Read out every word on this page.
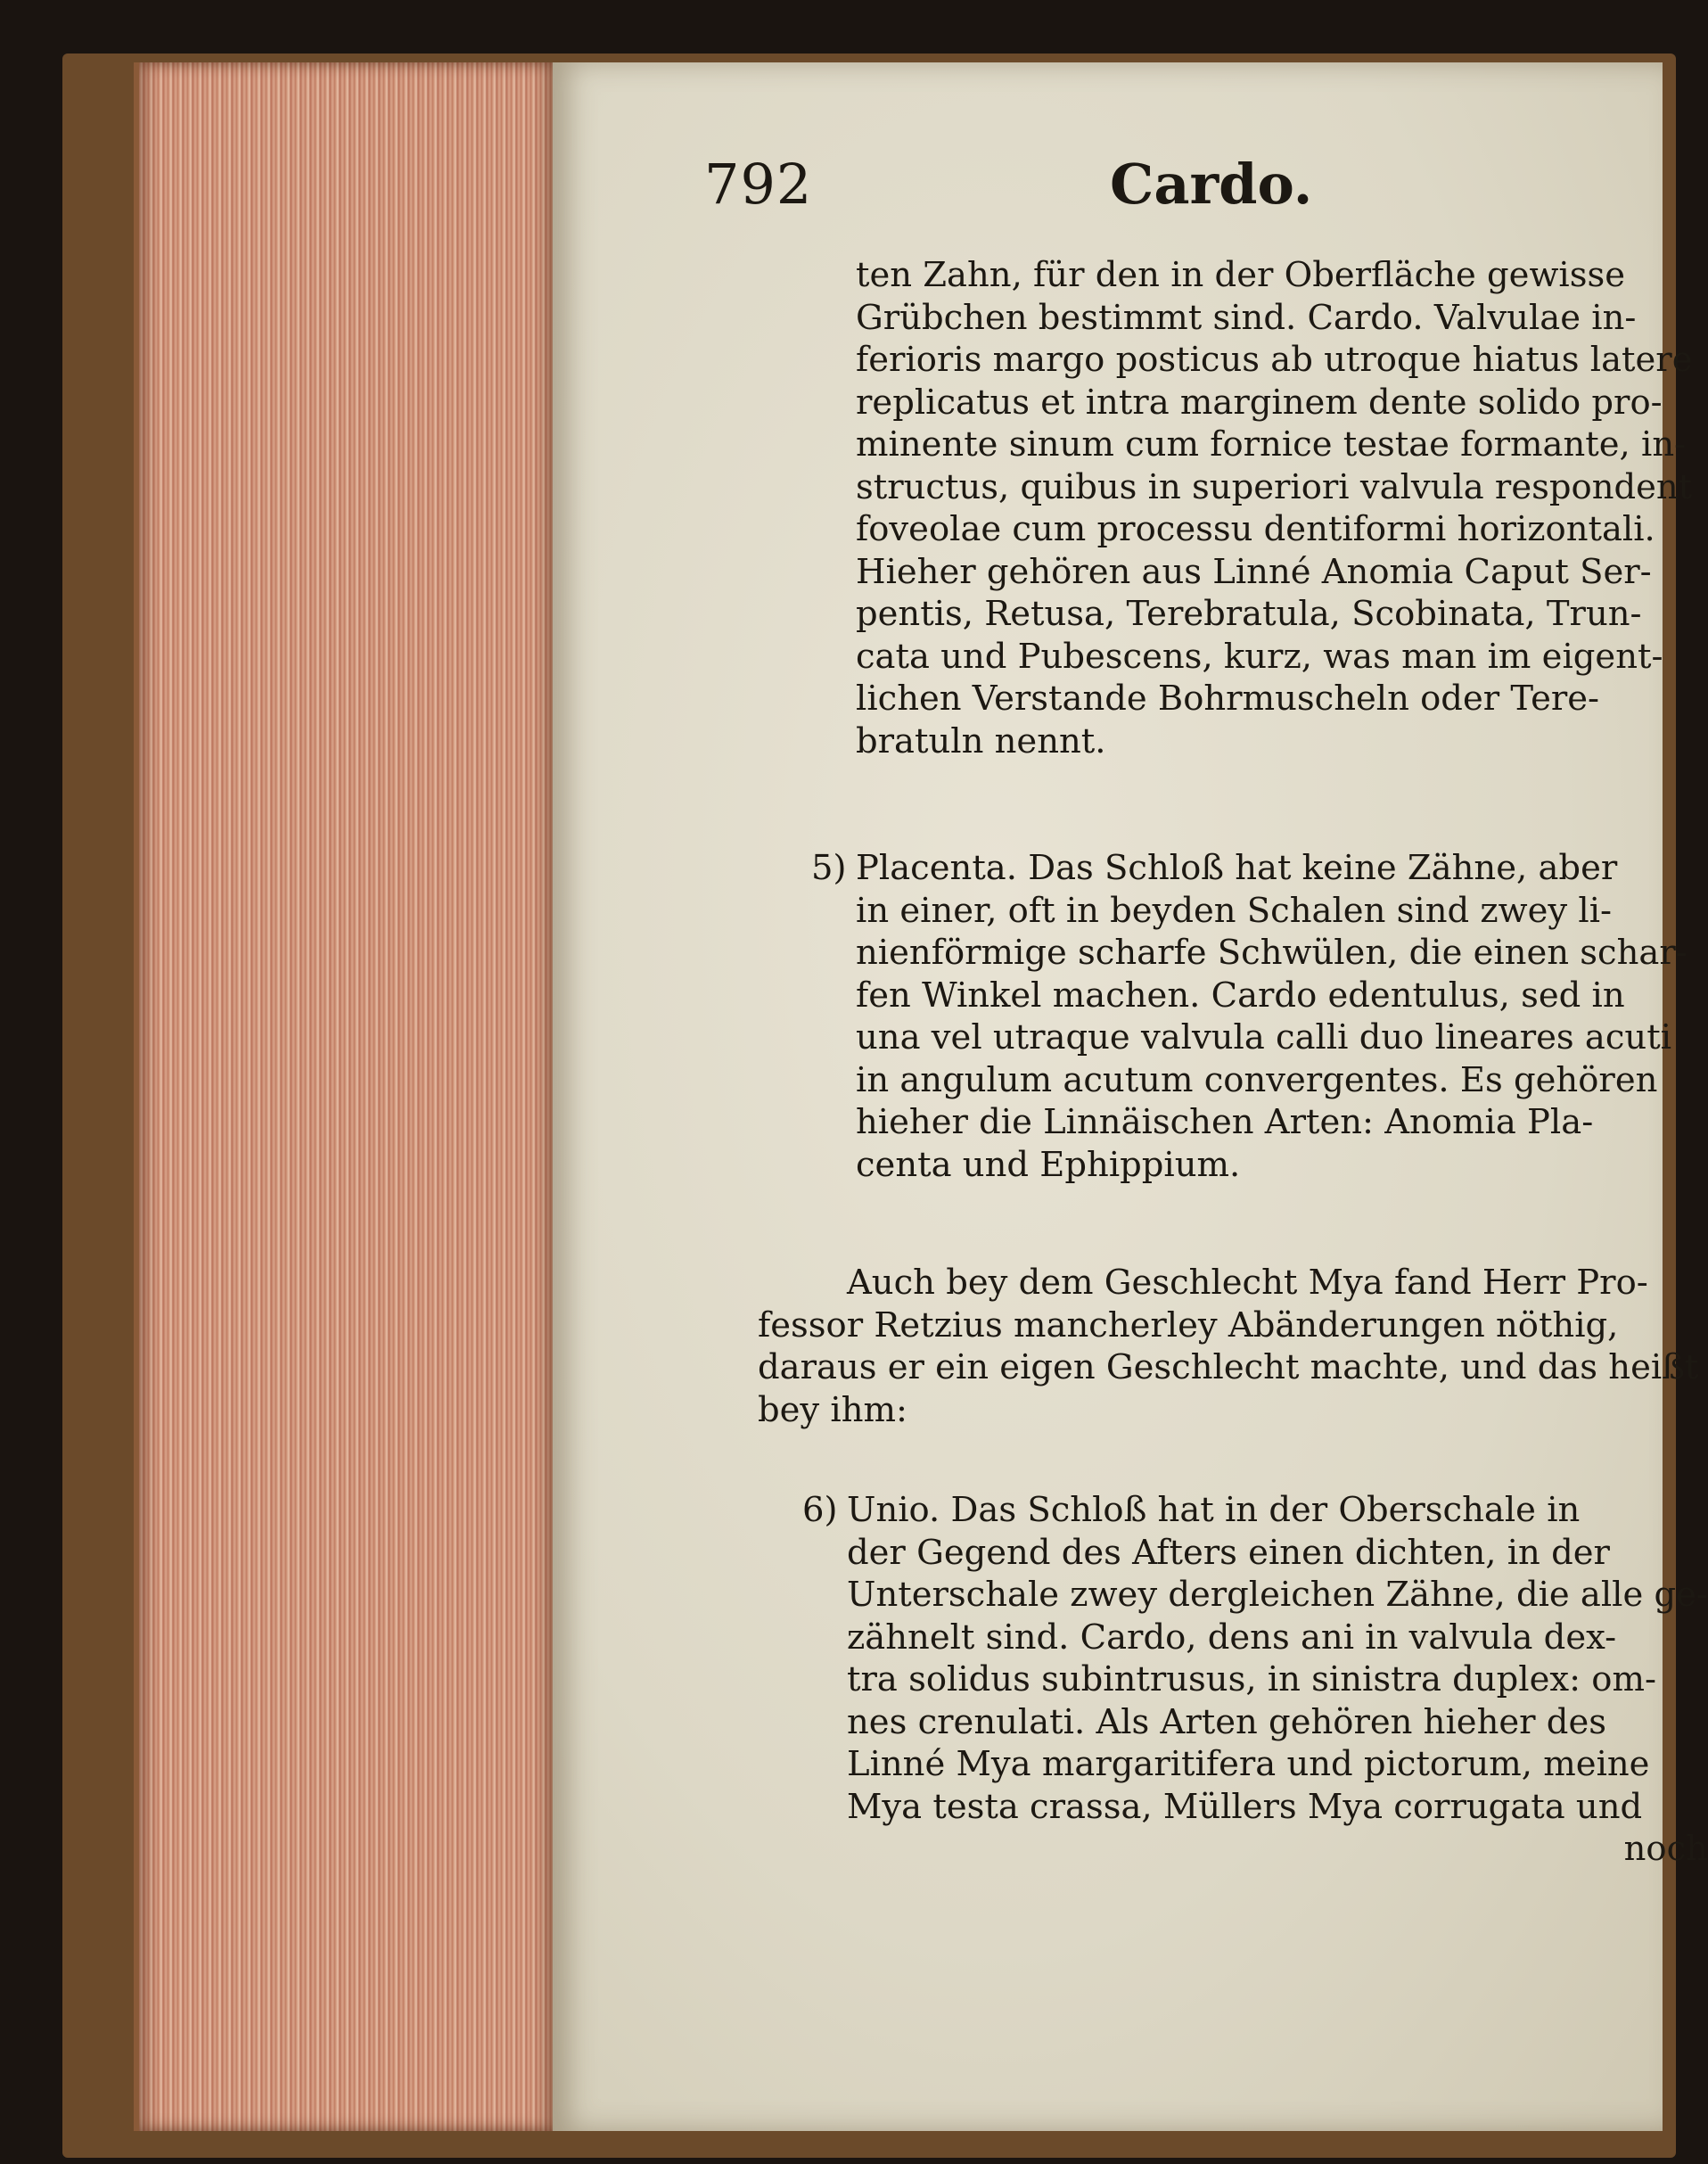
792	Cardo.
ten Zahn, für den in der Oberfläche gewisse
Grübchen bestimmt sind. Cardo. Valvulae in-
ferioris margo posticus ab utroque hiatus latere
replicatus et intra marginem dente solido pro-
minente sinum cum fornice testae formante, in-
structus, quibus in superiori valvula respondent
foveolae cum processu dentiformi horizontali.
Hieher gehören aus Linné Anomia Caput Ser-
pentis, Retusa, Terebratula, Scobinata, Trun-
cata und Pubescens, kurz, was man im eigent-
lichen Verstande Bohrmuscheln oder Tere-
bratuln nennt.
5) Placenta. Das Schloß hat keine Zähne, aber
in einer, oft in beyden Schalen sind zwey li-
nienförmige scharfe Schwülen, die einen schar-
fen Winkel machen. Cardo edentulus, sed in
una vel utraque valvula calli duo lineares acuti
in angulum acutum convergentes. Es gehören
hieher die Linnäischen Arten: Anomia Pla-
centa und Ephippium.
Auch bey dem Geschlecht Mya fand Herr Pro-
fessor Retzius mancherley Abänderungen nöthig,
daraus er ein eigen Geschlecht machte, und das heißt
bey ihm:
6) Unio. Das Schloß hat in der Oberschale in
der Gegend des Afters einen dichten, in der
Unterschale zwey dergleichen Zähne, die alle ge-
zähnelt sind. Cardo, dens ani in valvula dex-
tra solidus subintrusus, in sinistra duplex: om-
nes crenulati. Als Arten gehören hieher des
Linné Mya margaritifera und pictorum, meine
Mya testa crassa, Müllers Mya corrugata und
noch
